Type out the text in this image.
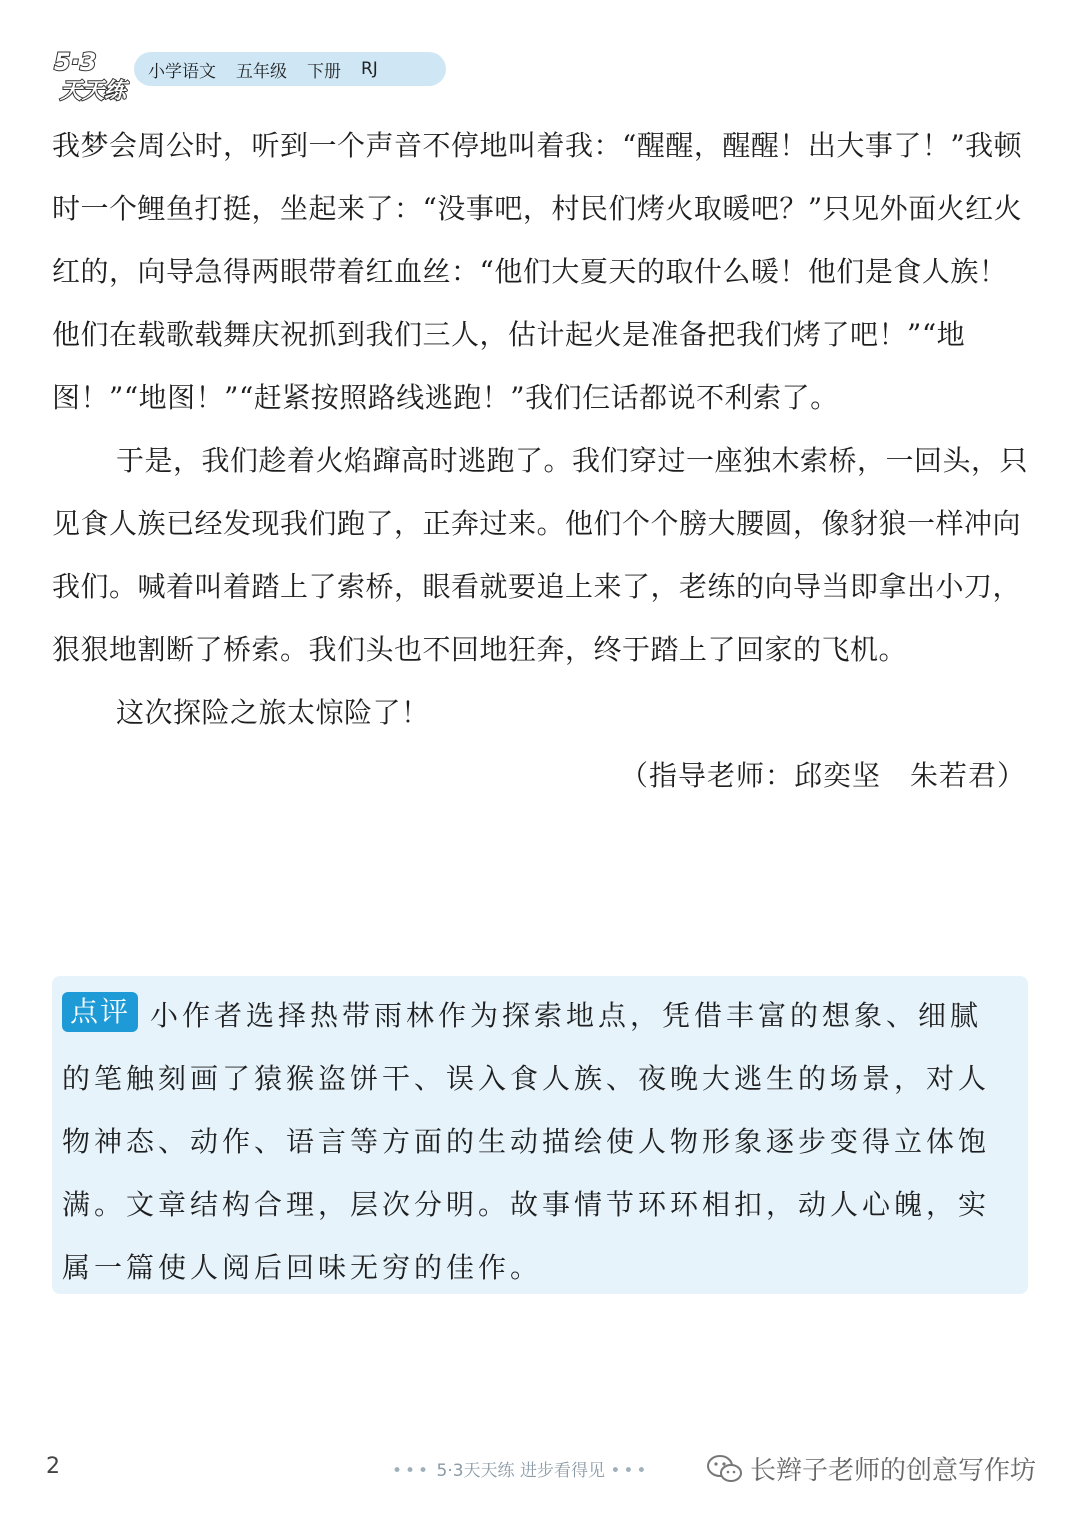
5·3
天天练
小学语文 五年级 下册 RJ

我梦会周公时，听到一个声音不停地叫着我：“醒醒，醒醒！出大事了！”我顿时一个鲤鱼打挺，坐起来了：“没事吧，村民们烤火取暖吧？”只见外面火红火红的，向导急得两眼带着红血丝：“他们大夏天的取什么暖！他们是食人族！他们在载歌载舞庆祝抓到我们三人，估计起火是准备把我们烤了吧！”“地图！”“地图！”“赶紧按照路线逃跑！”我们仨话都说不利索了。

于是，我们趁着火焰蹿高时逃跑了。我们穿过一座独木索桥，一回头，只见食人族已经发现我们跑了，正奔过来。他们个个膀大腰圆，像豺狼一样冲向我们。喊着叫着踏上了索桥，眼看就要追上来了，老练的向导当即拿出小刀，狠狠地割断了桥索。我们头也不回地狂奔，终于踏上了回家的飞机。

这次探险之旅太惊险了！

（指导老师：邱奕坚　朱若君）

点评 小作者选择热带雨林作为探索地点，凭借丰富的想象、细腻的笔触刻画了猿猴盗饼干、误入食人族、夜晚大逃生的场景，对人物神态、动作、语言等方面的生动描绘使人物形象逐步变得立体饱满。文章结构合理，层次分明。故事情节环环相扣，动人心魄，实属一篇使人阅后回味无穷的佳作。

2	••• 5·3天天练 进步看得见 •••	长辫子老师的创意写作坊
